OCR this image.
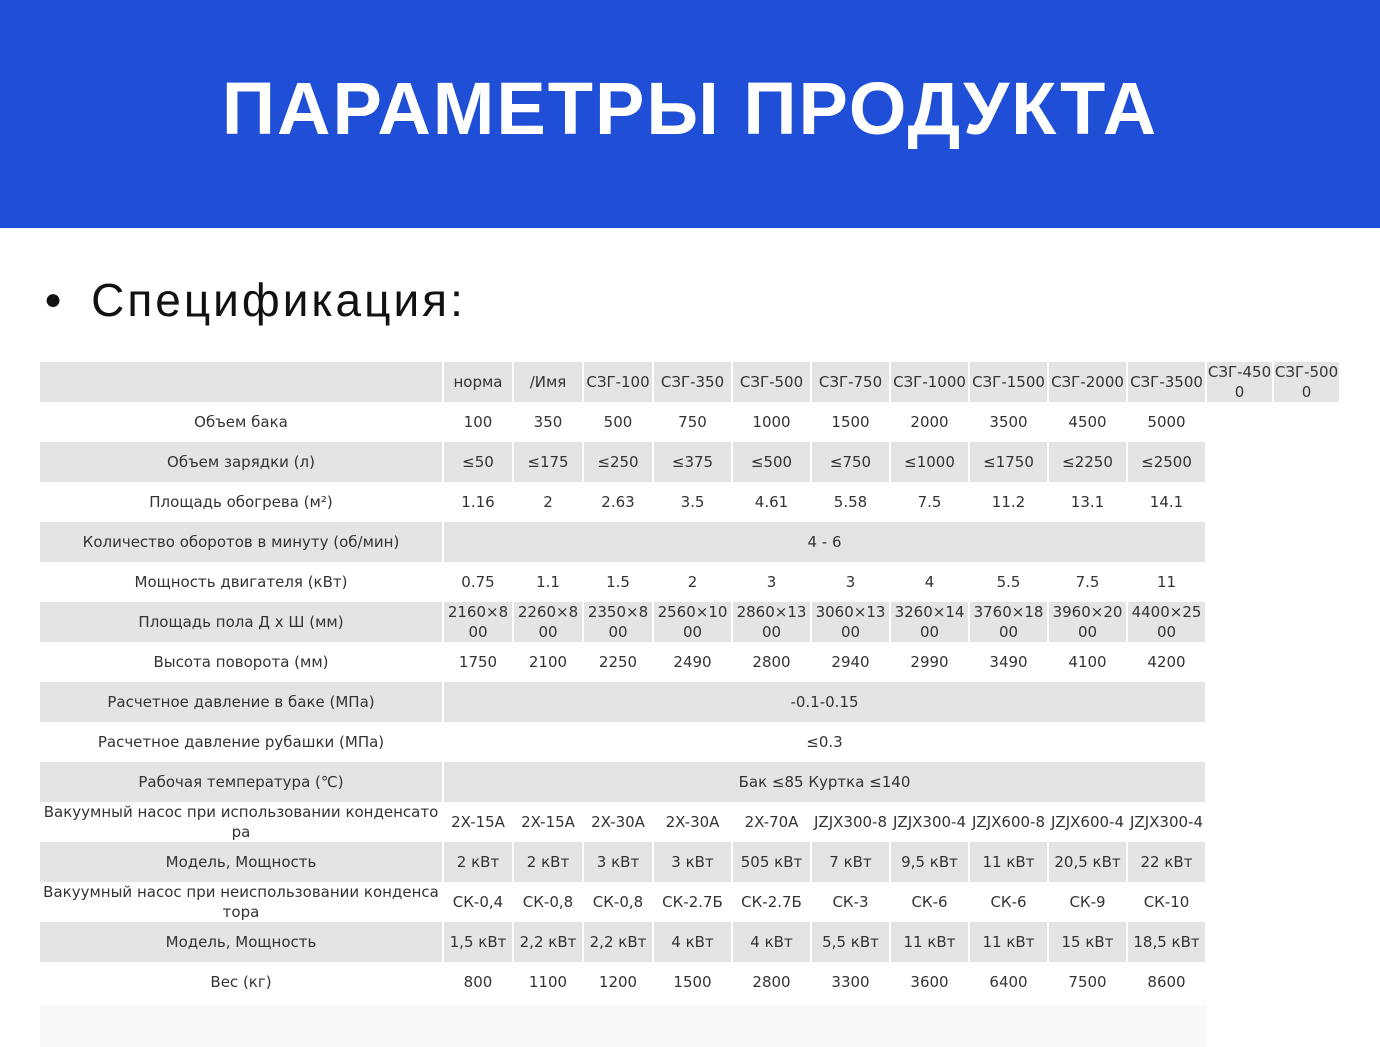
ПАРАМЕТРЫ ПРОДУКТА
● Спецификация:
	норма	/Имя	СЗГ-100	СЗГ-350	СЗГ-500	СЗГ-750	СЗГ-1000	СЗГ-1500	СЗГ-2000	СЗГ-3500	СЗГ-4500	СЗГ-5000
Объем бака	100	350	500	750	1000	1500	2000	3500	4500	5000		
Объем зарядки (л)	≤50	≤175	≤250	≤375	≤500	≤750	≤1000	≤1750	≤2250	≤2500		
Площадь обогрева (м²)	1.16	2	2.63	3.5	4.61	5.58	7.5	11.2	13.1	14.1		
Количество оборотов в минуту (об/мин)	4 - 6											
Мощность двигателя (кВт)	0.75	1.1	1.5	2	3	3	4	5.5	7.5	11		
Площадь пола Д х Ш (мм)	2160×800	2260×800	2350×800	2560×1000	2860×1300	3060×1300	3260×1400	3760×1800	3960×2000	4400×2500		
Высота поворота (мм)	1750	2100	2250	2490	2800	2940	2990	3490	4100	4200		
Расчетное давление в баке (МПа)	-0.1-0.15											
Расчетное давление рубашки (МПа)	≤0.3											
Рабочая температура (℃)	Бак ≤85 Куртка ≤140											
Вакуумный насос при использовании конденсатора	2X-15A	2X-15A	2X-30A	2X-30A	2X-70A	JZJX300-8	JZJX300-4	JZJX600-8	JZJX600-4	JZJX300-4		
Модель, Мощность	2 кВт	2 кВт	3 кВт	3 кВт	505 кВт	7 кВт	9,5 кВт	11 кВт	20,5 кВт	22 кВт		
Вакуумный насос при неиспользовании конденсатора	СК-0,4	СК-0,8	СК-0,8	СК-2.7Б	СК-2.7Б	СК-3	СК-6	СК-6	СК-9	СК-10		
Модель, Мощность	1,5 кВт	2,2 кВт	2,2 кВт	4 кВт	4 кВт	5,5 кВт	11 кВт	11 кВт	15 кВт	18,5 кВт		
Вес (кг)	800	1100	1200	1500	2800	3300	3600	6400	7500	8600		
